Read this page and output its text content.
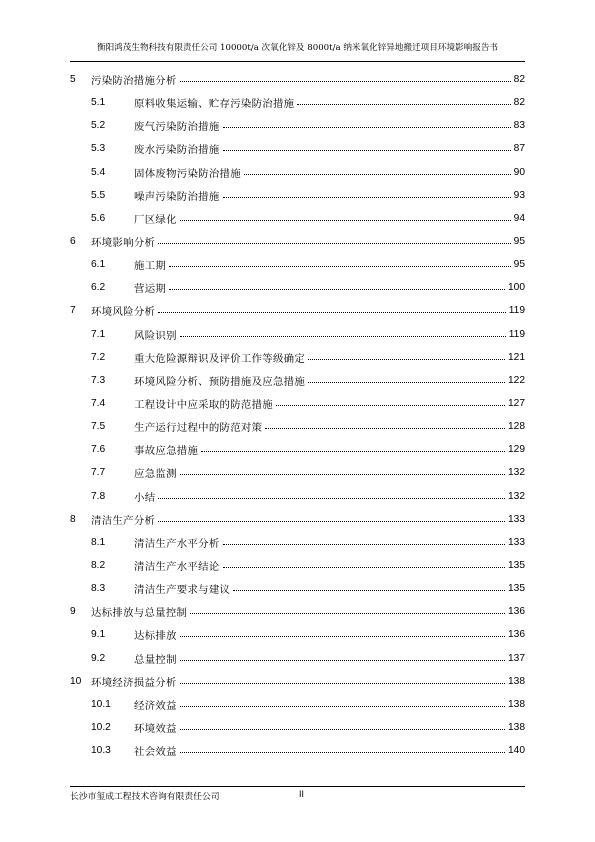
衡阳鸿茂生物科技有限责任公司 10000t/a 次氧化锌及 8000t/a 纳米氧化锌异地搬迁项目环境影响报告书
5 污染防治措施分析	82
5.1	原料收集运输、贮存污染防治措施	82
5.2	废气污染防治措施	83
5.3	废水污染防治措施	87
5.4	固体废物污染防治措施	90
5.5	噪声污染防治措施	93
5.6	厂区绿化	94
6 环境影响分析	95
6.1	施工期	95
6.2	营运期	100
7 环境风险分析	119
7.1	风险识别	119
7.2	重大危险源辩识及评价工作等级确定	121
7.3	环境风险分析、预防措施及应急措施	122
7.4	工程设计中应采取的防范措施	127
7.5	生产运行过程中的防范对策	128
7.6	事故应急措施	129
7.7	应急监测	132
7.8	小结	132
8 清洁生产分析	133
8.1	清洁生产水平分析	133
8.2	清洁生产水平结论	135
8.3	清洁生产要求与建议	135
9 达标排放与总量控制	136
9.1	达标排放	136
9.2	总量控制	137
10 环境经济损益分析	138
10.1 经济效益	138
10.2 环境效益	138
10.3 社会效益	140
长沙市玺成工程技术咨询有限责任公司	II
